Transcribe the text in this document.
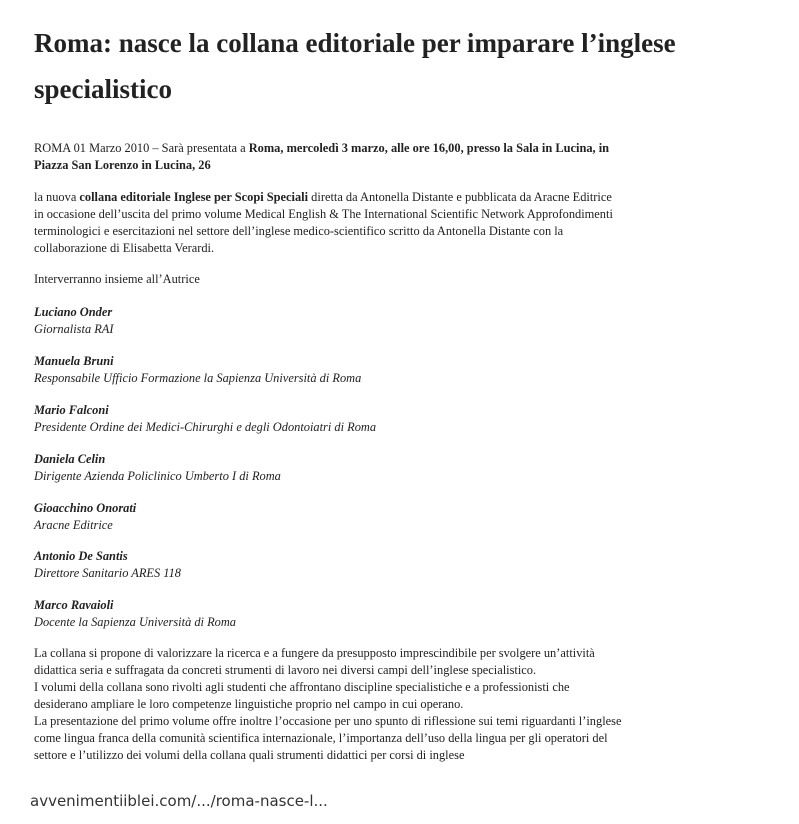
Roma: nasce la collana editoriale per imparare l’inglese specialistico

ROMA 01 Marzo 2010 – Sarà presentata a Roma, mercoledì 3 marzo, alle ore 16,00, presso la Sala in Lucina, in Piazza San Lorenzo in Lucina, 26

la nuova collana editoriale Inglese per Scopi Speciali diretta da Antonella Distante e pubblicata da Aracne Editrice in occasione dell’uscita del primo volume Medical English & The International Scientific Network Approfondimenti terminologici e esercitazioni nel settore dell’inglese medico-scientifico scritto da Antonella Distante con la collaborazione di Elisabetta Verardi.

Interverranno insieme all’Autrice

Luciano Onder
Giornalista RAI
Manuela Bruni
Responsabile Ufficio Formazione la Sapienza Università di Roma
Mario Falconi
Presidente Ordine dei Medici-Chirurghi e degli Odontoiatri di Roma
Daniela Celin
Dirigente Azienda Policlinico Umberto I di Roma
Gioacchino Onorati
Aracne Editrice
Antonio De Santis
Direttore Sanitario ARES 118
Marco Ravaioli
Docente la Sapienza Università di Roma
La collana si propone di valorizzare la ricerca e a fungere da presupposto imprescindibile per svolgere un’attività didattica seria e suffragata da concreti strumenti di lavoro nei diversi campi dell’inglese specialistico.
I volumi della collana sono rivolti agli studenti che affrontano discipline specialistiche e a professionisti che desiderano ampliare le loro competenze linguistiche proprio nel campo in cui operano.
La presentazione del primo volume offre inoltre l’occasione per uno spunto di riflessione sui temi riguardanti l’inglese come lingua franca della comunità scientifica internazionale, l’importanza dell’uso della lingua per gli operatori del settore e l’utilizzo dei volumi della collana quali strumenti didattici per corsi di inglese
avvenimentiiblei.com/.../roma-nasce-l...
